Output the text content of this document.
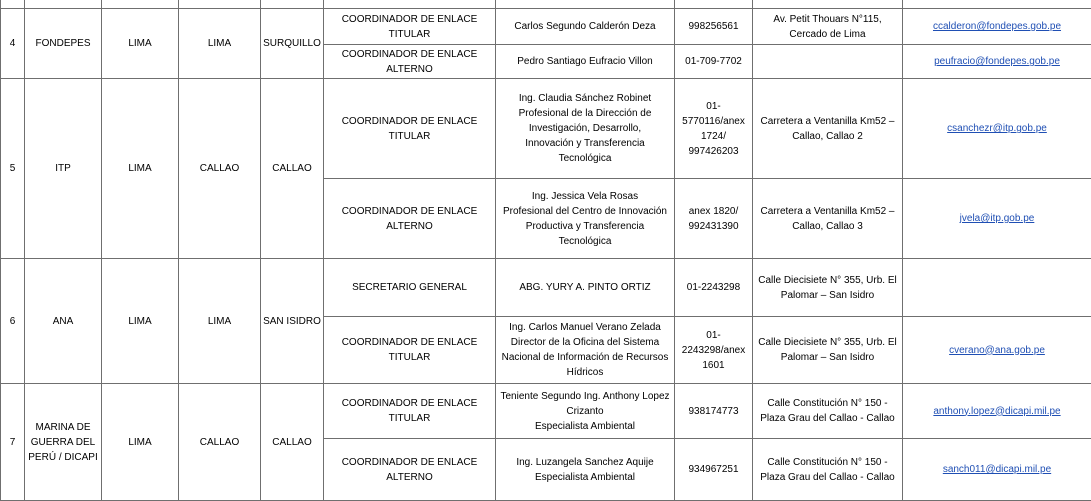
4	FONDEPES	LIMA	LIMA	SURQUILLO	COORDINADOR DE ENLACE TITULAR	Carlos Segundo Calderón Deza	998256561	Av. Petit Thouars N°115,
Cercado de Lima	ccalderon@fondepes.gob.pe
					COORDINADOR DE ENLACE ALTERNO	Pedro Santiago Eufracio Villon	01-709-7702		peufracio@fondepes.gob.pe
5	ITP	LIMA	CALLAO	CALLAO	COORDINADOR DE ENLACE TITULAR	Ing. Claudia Sánchez Robinet
Profesional de la Dirección de
Investigación, Desarrollo,
Innovación y Transferencia
Tecnológica	01-
5770116/anex
1724/
997426203	Carretera a Ventanilla Km52 –
Callao, Callao 2	csanchezr@itp.gob.pe
					COORDINADOR DE ENLACE ALTERNO	Ing. Jessica Vela Rosas
Profesional del Centro de Innovación
Productiva y Transferencia
Tecnológica	anex 1820/
992431390	Carretera a Ventanilla Km52 –
Callao, Callao 3	jvela@itp.gob.pe
6	ANA	LIMA	LIMA	SAN ISIDRO	SECRETARIO GENERAL	ABG. YURY A. PINTO ORTIZ	01-2243298	Calle Diecisiete N° 355, Urb. El
Palomar – San Isidro	
					COORDINADOR DE ENLACE TITULAR	Ing. Carlos Manuel Verano Zelada
Director de la Oficina del Sistema
Nacional de Información de Recursos
Hídricos	01-
2243298/anex
1601	Calle Diecisiete N° 355, Urb. El
Palomar – San Isidro	cverano@ana.gob.pe
7	MARINA DE
GUERRA DEL
PERÚ / DICAPI	LIMA	CALLAO	CALLAO	COORDINADOR DE ENLACE TITULAR	Teniente Segundo Ing. Anthony Lopez
Crizanto
Especialista Ambiental	938174773	Calle Constitución N° 150 -
Plaza Grau del Callao - Callao	anthony.lopez@dicapi.mil.pe
					COORDINADOR DE ENLACE ALTERNO	Ing. Luzangela Sanchez Aquije
Especialista Ambiental	934967251	Calle Constitución N° 150 -
Plaza Grau del Callao - Callao	sanch011@dicapi.mil.pe
